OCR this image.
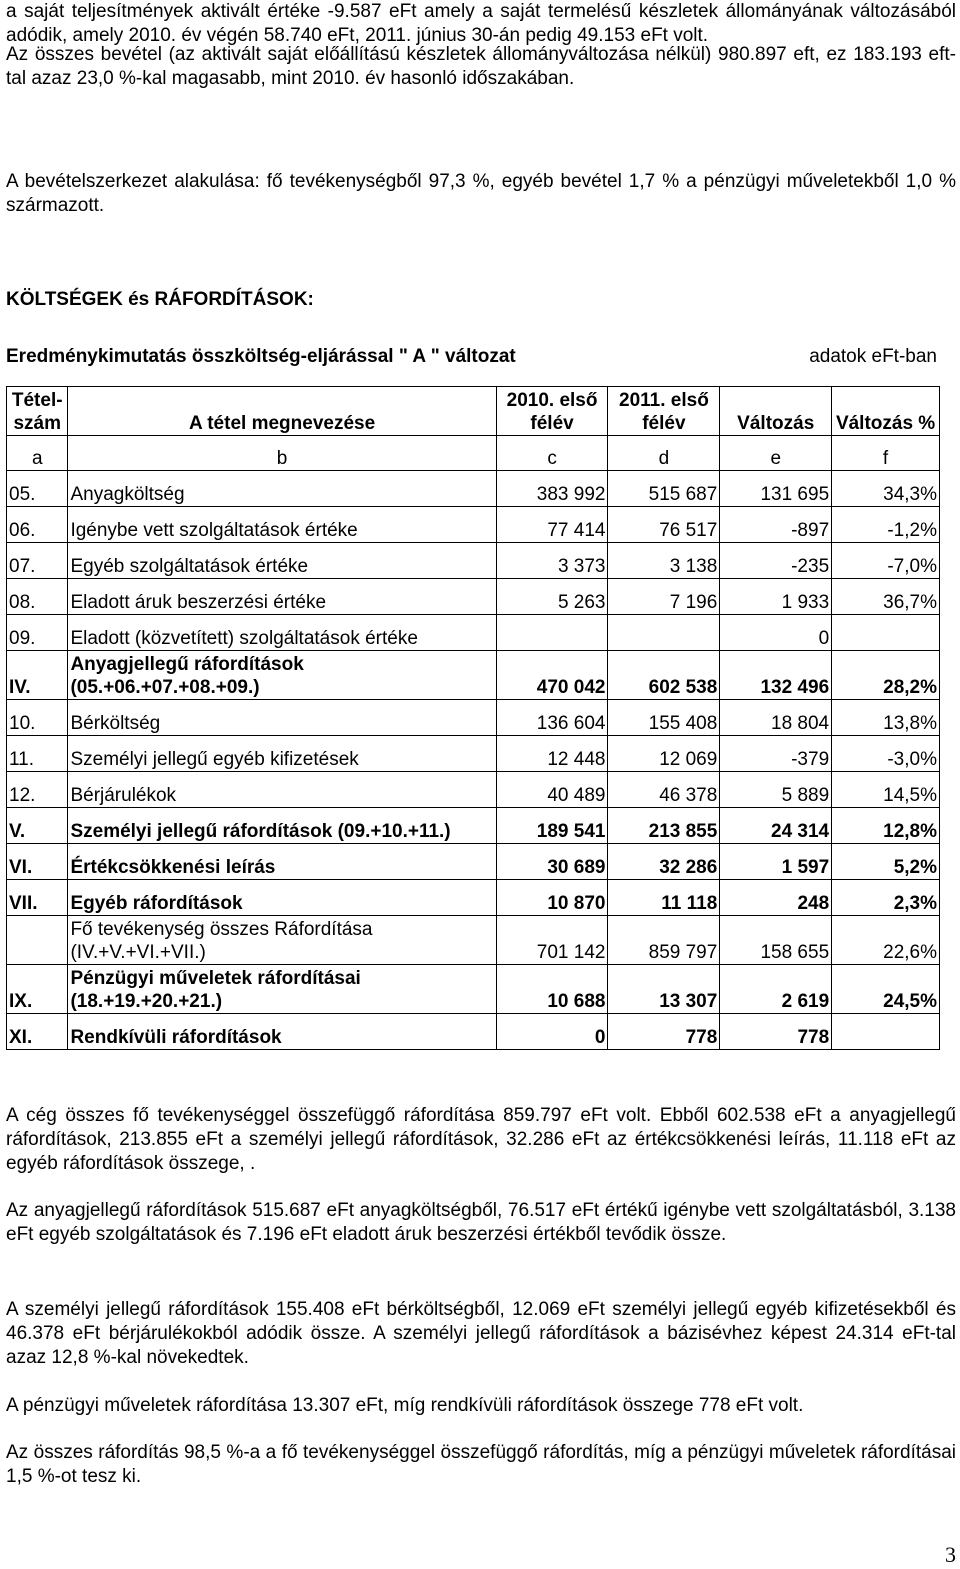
a saját teljesítmények aktivált értéke -9.587 eFt amely a saját termelésű készletek állományának változásából adódik, amely 2010. év végén 58.740 eFt, 2011. június 30-án pedig 49.153 eFt volt.

Az összes bevétel (az aktivált saját előállítású készletek állományváltozása nélkül) 980.897 eft, ez 183.193 eft-tal azaz 23,0 %-kal magasabb, mint 2010. év hasonló időszakában.

A bevételszerkezet alakulása: fő tevékenységből 97,3 %, egyéb bevétel 1,7 % a pénzügyi műveletekből 1,0 % származott.

KÖLTSÉGEK és RÁFORDÍTÁSOK:
Eredménykimutatás összköltség-eljárással " A " változat	adatok eFt-ban
Tétel-szám	A tétel megnevezése	2010. első félév	2011. első félév	Változás	Változás %
a	b	c	d	e	f
05.	Anyagköltség	383 992	515 687	131 695	34,3%
06.	Igénybe vett szolgáltatások értéke	77 414	76 517	-897	-1,2%
07.	Egyéb szolgáltatások értéke	3 373	3 138	-235	-7,0%
08.	Eladott áruk beszerzési értéke	5 263	7 196	1 933	36,7%
09.	Eladott (közvetített) szolgáltatások értéke			0	
IV.	Anyagjellegű ráfordítások (05.+06.+07.+08.+09.)	470 042	602 538	132 496	28,2%
10.	Bérköltség	136 604	155 408	18 804	13,8%
11.	Személyi jellegű egyéb kifizetések	12 448	12 069	-379	-3,0%
12.	Bérjárulékok	40 489	46 378	5 889	14,5%
V.	Személyi jellegű ráfordítások (09.+10.+11.)	189 541	213 855	24 314	12,8%
VI.	Értékcsökkenési leírás	30 689	32 286	1 597	5,2%
VII.	Egyéb ráfordítások	10 870	11 118	248	2,3%
	Fő tevékenység összes Ráfordítása (IV.+V.+VI.+VII.)	701 142	859 797	158 655	22,6%
IX.	Pénzügyi műveletek ráfordításai (18.+19.+20.+21.)	10 688	13 307	2 619	24,5%
XI.	Rendkívüli ráfordítások	0	778	778	

A cég összes fő tevékenységgel összefüggő ráfordítása 859.797 eFt volt. Ebből 602.538 eFt a anyagjellegű ráfordítások, 213.855 eFt a személyi jellegű ráfordítások, 32.286 eFt az értékcsökkenési leírás, 11.118 eFt az egyéb ráfordítások összege, .

Az anyagjellegű ráfordítások 515.687 eFt anyagköltségből, 76.517 eFt értékű igénybe vett szolgáltatásból, 3.138 eFt egyéb szolgáltatások és 7.196 eFt eladott áruk beszerzési értékből tevődik össze.

A személyi jellegű ráfordítások 155.408 eFt bérköltségből, 12.069 eFt személyi jellegű egyéb kifizetésekből és 46.378 eFt bérjárulékokból adódik össze. A személyi jellegű ráfordítások a bázisévhez képest 24.314 eFt-tal azaz 12,8 %-kal növekedtek.

A pénzügyi műveletek ráfordítása 13.307 eFt, míg rendkívüli ráfordítások összege 778 eFt volt.

Az összes ráfordítás 98,5 %-a a fő tevékenységgel összefüggő ráfordítás, míg a pénzügyi műveletek ráfordításai 1,5 %-ot tesz ki.

3
